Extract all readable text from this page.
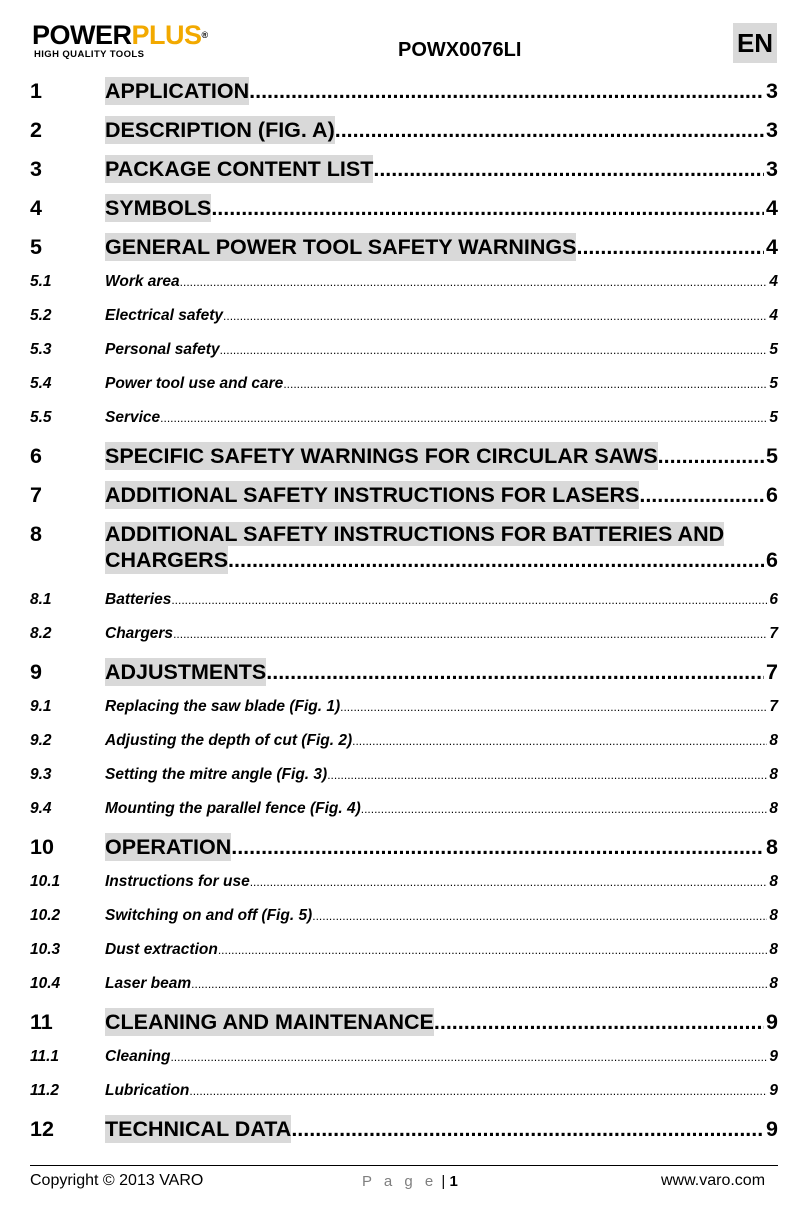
POWERPLUS®
HIGH QUALITY TOOLS	POWX0076LI	EN
1	APPLICATION .....	3
2	DESCRIPTION (FIG. A) .....	3
3	PACKAGE CONTENT LIST .....	3
4	SYMBOLS .....	4
5	GENERAL POWER TOOL SAFETY WARNINGS .....	4
5.1	Work area .....	4
5.2	Electrical safety .....	4
5.3	Personal safety .....	5
5.4	Power tool use and care .....	5
5.5	Service .....	5
6	SPECIFIC SAFETY WARNINGS FOR CIRCULAR SAWS .....	5
7	ADDITIONAL SAFETY INSTRUCTIONS FOR LASERS .....	6
8	ADDITIONAL SAFETY INSTRUCTIONS FOR BATTERIES AND
CHARGERS .....	6
8.1	Batteries .....	6
8.2	Chargers .....	7
9	ADJUSTMENTS .....	7
9.1	Replacing the saw blade (Fig. 1) .....	7
9.2	Adjusting the depth of cut (Fig. 2) .....	8
9.3	Setting the mitre angle (Fig. 3) .....	8
9.4	Mounting the parallel fence (Fig. 4) .....	8
10 OPERATION .....	8
10.1	Instructions for use .....	8
10.2	Switching on and off (Fig. 5) .....	8
10.3	Dust extraction .....	8
10.4	Laser beam .....	8
11 CLEANING AND MAINTENANCE .....	9
11.1	Cleaning .....	9
11.2	Lubrication .....	9
12 TECHNICAL DATA .....	9
Copyright © 2013 VARO	P a g e | 1	www.varo.com
